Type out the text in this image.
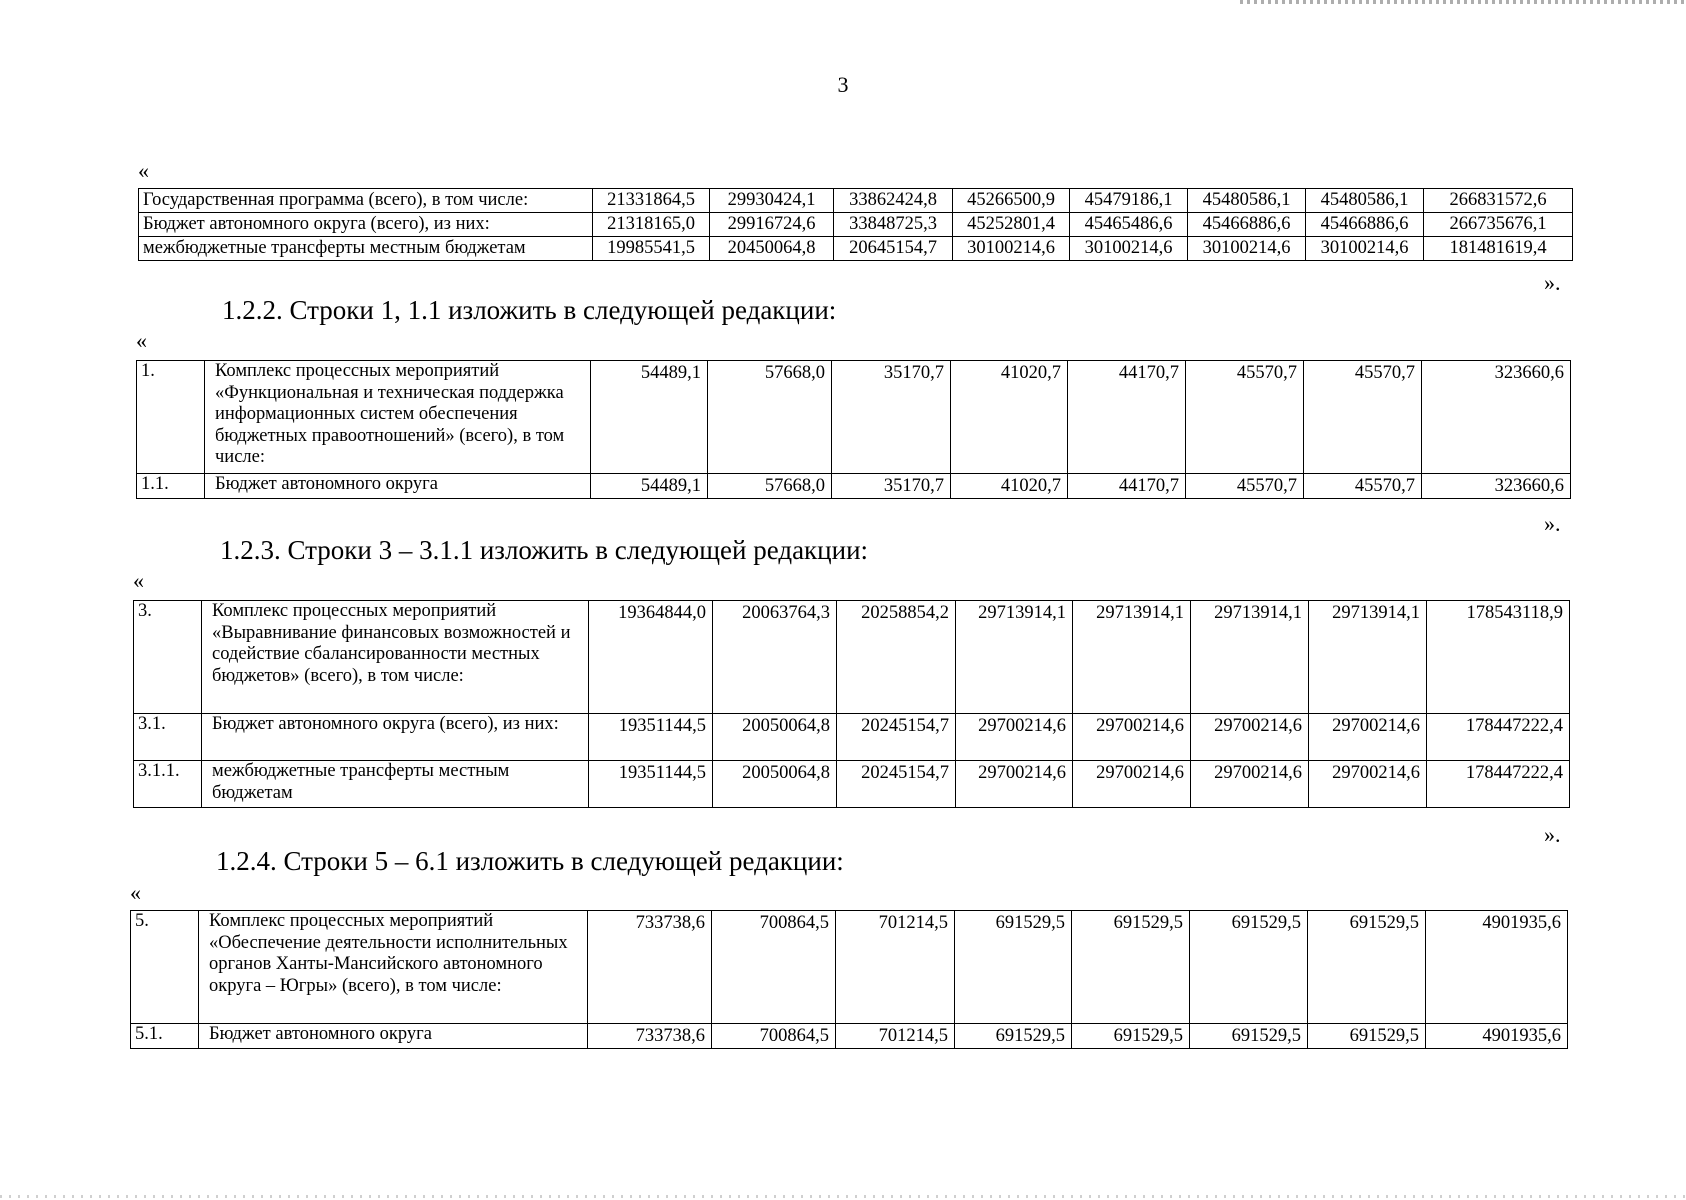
3
«
Государственная программа (всего), в том числе:	21331864,5	29930424,1	33862424,8	45266500,9	45479186,1	45480586,1	45480586,1	266831572,6
Бюджет автономного округа (всего), из них:	21318165,0	29916724,6	33848725,3	45252801,4	45465486,6	45466886,6	45466886,6	266735676,1
межбюджетные трансферты местным бюджетам	19985541,5	20450064,8	20645154,7	30100214,6	30100214,6	30100214,6	30100214,6	181481619,4
».
1.2.2. Строки 1, 1.1 изложить в следующей редакции:
«
1.	Комплекс процессных мероприятий «Функциональная и техническая поддержка информационных систем обеспечения бюджетных правоотношений» (всего), в том числе:	54489,1	57668,0	35170,7	41020,7	44170,7	45570,7	45570,7	323660,6
1.1.	Бюджет автономного округа	54489,1	57668,0	35170,7	41020,7	44170,7	45570,7	45570,7	323660,6
».
1.2.3. Строки 3 – 3.1.1 изложить в следующей редакции:
«
3.	Комплекс процессных мероприятий «Выравнивание финансовых возможностей и содействие сбалансированности местных бюджетов» (всего), в том числе:	19364844,0	20063764,3	20258854,2	29713914,1	29713914,1	29713914,1	29713914,1	178543118,9
3.1.	Бюджет автономного округа (всего), из них:	19351144,5	20050064,8	20245154,7	29700214,6	29700214,6	29700214,6	29700214,6	178447222,4
3.1.1.	межбюджетные трансферты местным бюджетам	19351144,5	20050064,8	20245154,7	29700214,6	29700214,6	29700214,6	29700214,6	178447222,4
».
1.2.4. Строки 5 – 6.1 изложить в следующей редакции:
«
5.	Комплекс процессных мероприятий «Обеспечение деятельности исполнительных органов Ханты-Мансийского автономного округа – Югры» (всего), в том числе:	733738,6	700864,5	701214,5	691529,5	691529,5	691529,5	691529,5	4901935,6
5.1.	Бюджет автономного округа	733738,6	700864,5	701214,5	691529,5	691529,5	691529,5	691529,5	4901935,6
